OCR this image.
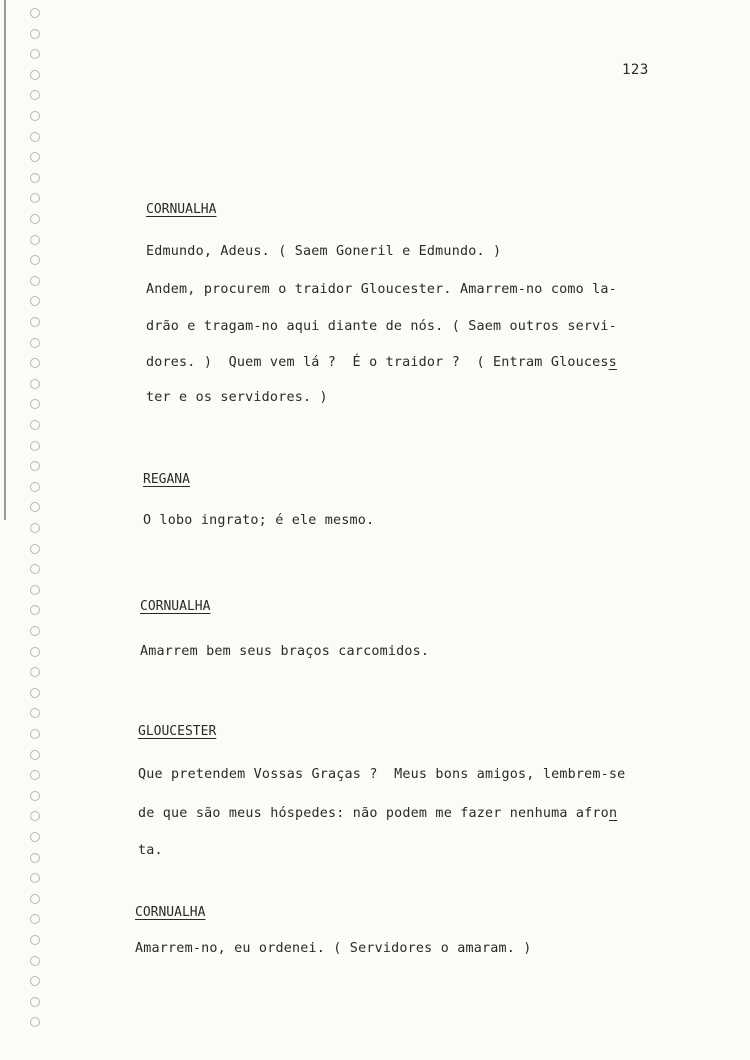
123
CORNUALHA
Edmundo, Adeus. ( Saem Goneril e Edmundo. )
Andem, procurem o traidor Gloucester. Amarrem-no como la-
drão e tragam-no aqui diante de nós. ( Saem outros servi-
dores. )  Quem vem lá ?  É o traidor ?  ( Entram Gloucess
ter e os servidores. )
REGANA
O lobo ingrato; é ele mesmo.
CORNUALHA
Amarrem bem seus braços carcomidos.
GLOUCESTER
Que pretendem Vossas Graças ?  Meus bons amigos, lembrem-se
de que são meus hóspedes: não podem me fazer nenhuma afron
ta.
CORNUALHA
Amarrem-no, eu ordenei. ( Servidores o amaram. )
